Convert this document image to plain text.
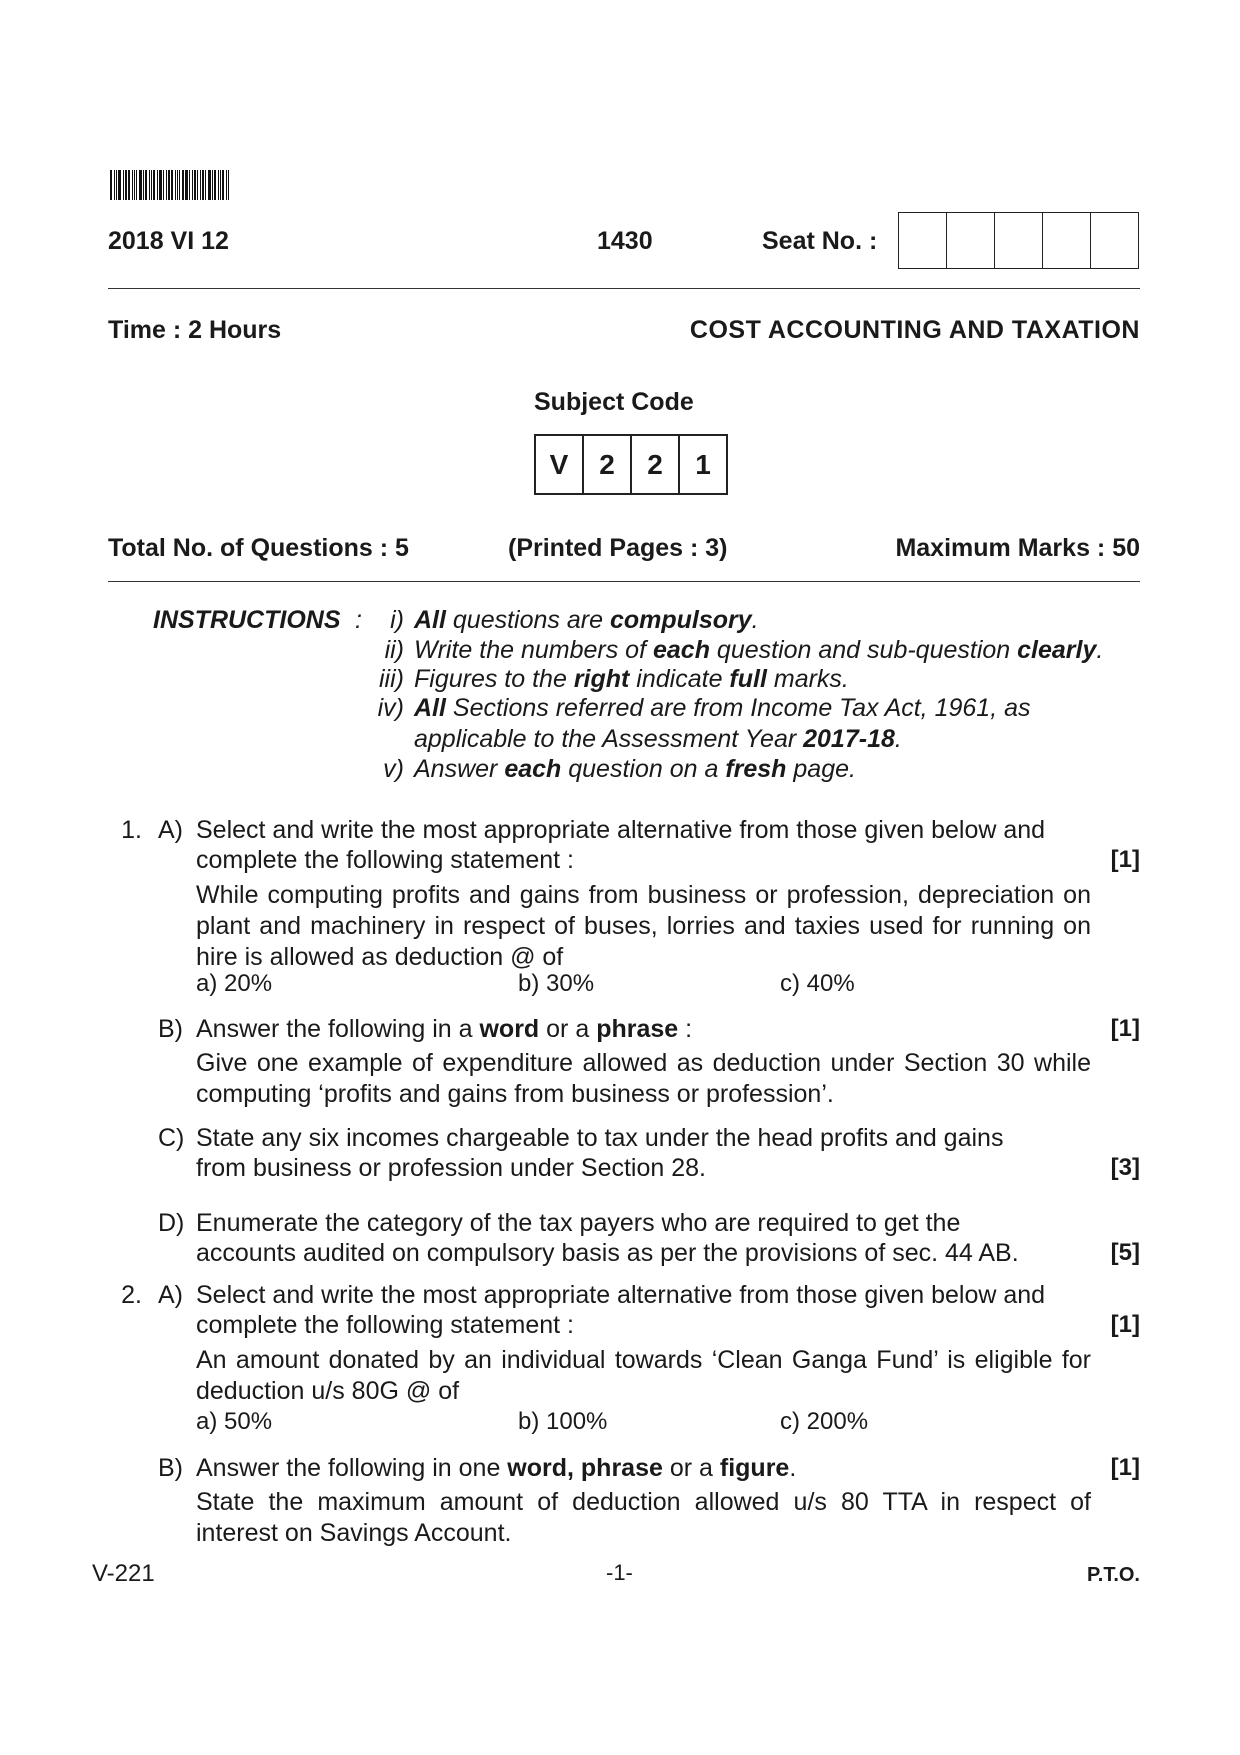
2018 VI 12	1430	Seat No. :
Time : 2 Hours	COST ACCOUNTING AND TAXATION
Subject Code
V	2	2	1
Total No. of Questions : 5	(Printed Pages : 3)	Maximum Marks : 50
INSTRUCTIONS : i) All questions are compulsory.
ii) Write the numbers of each question and sub-question clearly.
iii) Figures to the right indicate full marks.
iv) All Sections referred are from Income Tax Act, 1961, as
applicable to the Assessment Year 2017-18.
v) Answer each question on a fresh page.
1. A) Select and write the most appropriate alternative from those given below and
complete the following statement :	[1]
While computing profits and gains from business or profession, depreciation on plant and machinery in respect of buses, lorries and taxies used for running on hire is allowed as deduction @ of
a) 20%	b) 30%	c) 40%
B) Answer the following in a word or a phrase :	[1]
Give one example of expenditure allowed as deduction under Section 30 while computing ‘profits and gains from business or profession’.
C) State any six incomes chargeable to tax under the head profits and gains
from business or profession under Section 28.	[3]
D) Enumerate the category of the tax payers who are required to get the
accounts audited on compulsory basis as per the provisions of sec. 44 AB.	[5]
2. A) Select and write the most appropriate alternative from those given below and
complete the following statement :	[1]
An amount donated by an individual towards ‘Clean Ganga Fund’ is eligible for deduction u/s 80G @ of
a) 50%	b) 100%	c) 200%
B) Answer the following in one word, phrase or a figure.	[1]
State the maximum amount of deduction allowed u/s 80 TTA in respect of interest on Savings Account.
V-221	-1-	P.T.O.
